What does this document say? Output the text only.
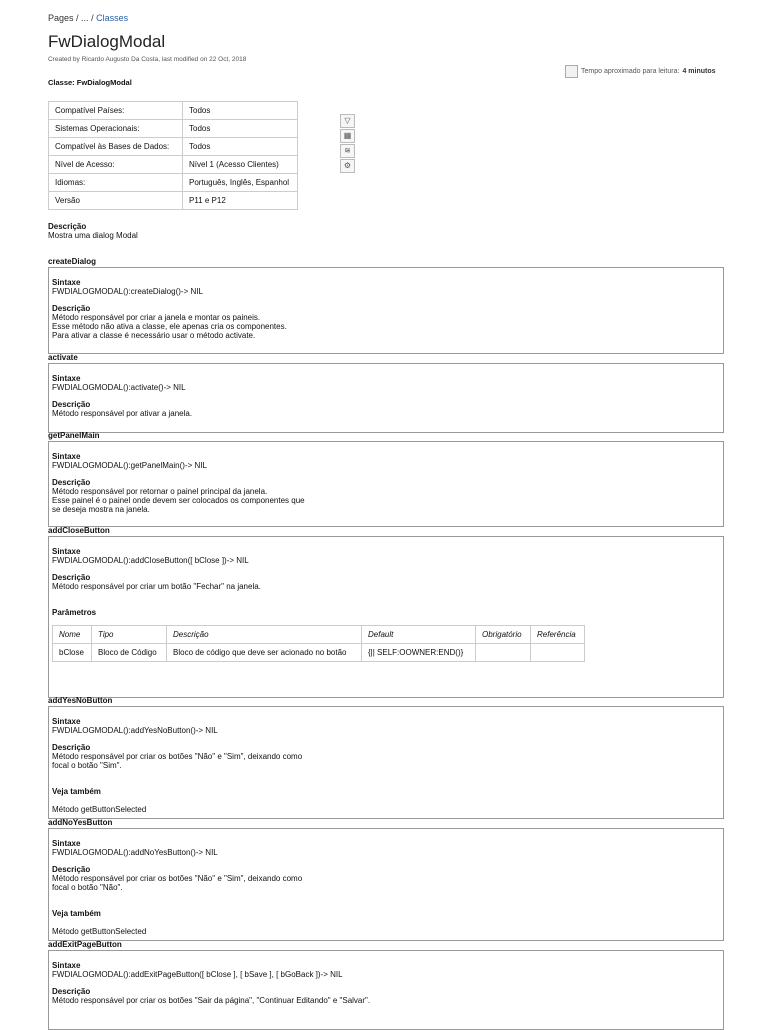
Pages / ... / Classes
FwDialogModal
Created by Ricardo Augusto Da Costa, last modified on 22 Oct, 2018
Tempo aproximado para leitura: 4 minutos
Classe: FwDialogModal
Compatível Países:	Todos
Sistemas Operacionais:	Todos
Compatível às Bases de Dados:	Todos
Nível de Acesso:	Nível 1 (Acesso Clientes)
Idiomas:	Português, Inglês, Espanhol
Versão	P11 e P12
▽
▦
≋
⚙
Descrição
Mostra uma dialog Modal
createDialog

Sintaxe
FWDIALOGMODAL():createDialog()-> NIL

Descrição
Método responsável por criar a janela e montar os paineis.
Esse método não ativa a classe, ele apenas cria os componentes.
Para ativar a classe é necessário usar o método activate.

activate

Sintaxe
FWDIALOGMODAL():activate()-> NIL

Descrição
Método responsável por ativar a janela.

getPanelMain

Sintaxe
FWDIALOGMODAL():getPanelMain()-> NIL

Descrição
Método responsável por retornar o painel principal da janela.
Esse painel é o painel onde devem ser colocados os componentes que
se deseja mostra na janela.

addCloseButton

Sintaxe
FWDIALOGMODAL():addCloseButton([ bClose ])-> NIL

Descrição
Método responsável por criar um botão "Fechar" na janela.

Parâmetros

Nome	Tipo	Descrição	Default	Obrigatório	Referência
bClose	Bloco de Código	Bloco de código que deve ser acionado no botão	{|| SELF:OOWNER:END()}		
addYesNoButton

Sintaxe
FWDIALOGMODAL():addYesNoButton()-> NIL

Descrição
Método responsável por criar os botões "Não" e "Sim", deixando como
focal o botão "Sim".

Veja também

Método getButtonSelected

addNoYesButton

Sintaxe
FWDIALOGMODAL():addNoYesButton()-> NIL

Descrição
Método responsável por criar os botões "Não" e "Sim", deixando como
focal o botão "Não".

Veja também

Método getButtonSelected

addExitPageButton

Sintaxe
FWDIALOGMODAL():addExitPageButton([ bClose ], [ bSave ], [ bGoBack ])-> NIL

Descrição
Método responsável por criar os botões "Sair da página", "Continuar Editando" e "Salvar".
